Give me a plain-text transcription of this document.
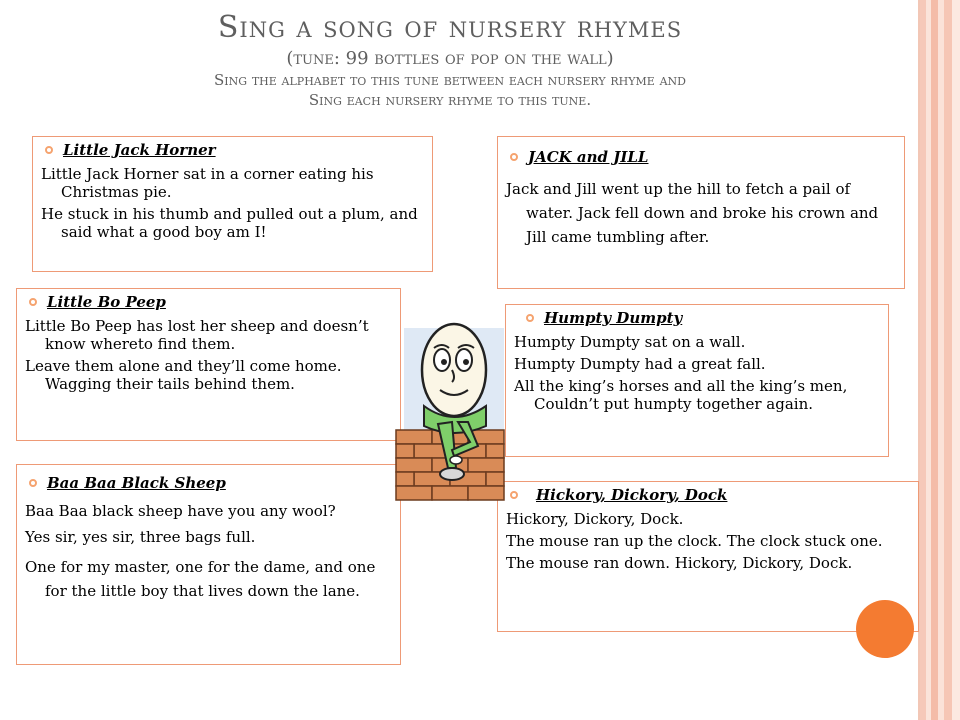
Sing a song of nursery rhymes
(tune: 99 bottles of pop on the wall)
Sing the alphabet to this tune between each nursery rhyme and
Sing each nursery rhyme to this tune.
Little Jack Horner

Little Jack Horner sat in a corner eating his Christmas pie.

He stuck in his thumb and pulled out a plum, and said what a good boy am I!

JACK and JILL

Jack and Jill went up the hill to fetch a pail of water. Jack fell down and broke his crown and Jill came tumbling after.

Little Bo Peep

Little Bo Peep has lost her sheep and doesn’t know whereto find them.

Leave them alone and they’ll come home. Wagging their tails behind them.

Humpty Dumpty

Humpty Dumpty sat on a wall.

Humpty Dumpty had a great fall.

All the king’s horses and all the king’s men, Couldn’t put humpty together again.

Baa Baa Black Sheep

Baa Baa black sheep have you any wool?

Yes sir, yes sir, three bags full.

One for my master, one for the dame, and one for the little boy that lives down the lane.

Hickory, Dickory, Dock

Hickory, Dickory, Dock.

The mouse ran up the clock. The clock stuck one.

The mouse ran down. Hickory, Dickory, Dock.
